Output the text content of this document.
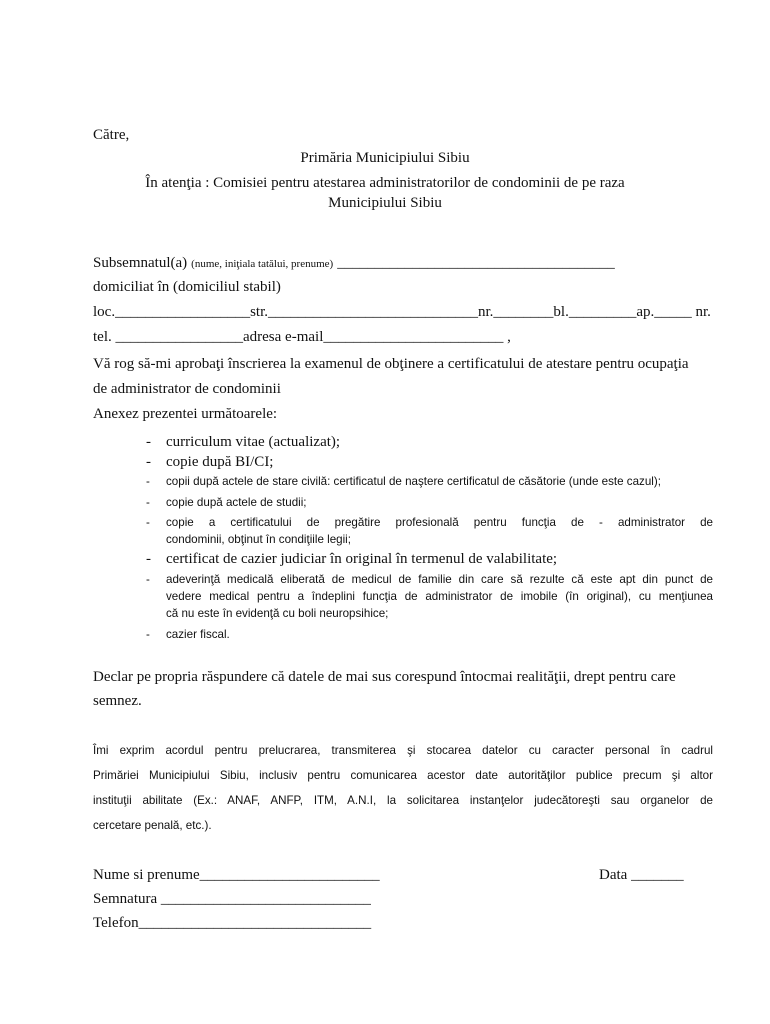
Către,
Primăria Municipiului Sibiu
În atenţia : Comisiei pentru atestarea administratorilor de condominii de pe raza
Municipiului Sibiu
Subsemnatul(a) (nume, iniţiala tatălui, prenume) _____________________________________
domiciliat în (domiciliul stabil)
loc.__________________str.____________________________nr.________bl._________ap._____ nr.
tel. _________________adresa e-mail________________________ ,
Vă rog să-mi aprobaţi înscrierea la examenul de obţinere a certificatului de atestare pentru ocupaţia
de administrator de condominii
Anexez prezentei următoarele:
-	curriculum vitae (actualizat);
-	copie după BI/CI;
-	copii după actele de stare civilă: certificatul de naştere certificatul de căsătorie (unde este cazul);
-	copie după actele de studii;
-	copie a certificatului de pregătire profesională pentru funcţia de - administrator de
condominii, obţinut în condiţiile legii;
-	certificat de cazier judiciar în original în termenul de valabilitate;
-	adeverinţă medicală eliberată de medicul de familie din care să rezulte că este apt din punct de
vedere medical pentru a îndeplini funcţia de administrator de imobile (în original), cu menţiunea
că nu este în evidenţă cu boli neuropsihice;
-	cazier fiscal.
Declar pe propria răspundere că datele de mai sus corespund întocmai realităţii, drept pentru care
semnez.
Îmi exprim acordul pentru prelucrarea, transmiterea şi stocarea datelor cu caracter personal în cadrul
Primăriei Municipiului Sibiu, inclusiv pentru comunicarea acestor date autorităţilor publice precum şi altor
instituţii abilitate (Ex.: ANAF, ANFP, ITM, A.N.I, la solicitarea instanţelor judecătoreşti sau organelor de
cercetare penală, etc.).
Nume si prenume________________________	Data _______
Semnatura ____________________________
Telefon_______________________________
